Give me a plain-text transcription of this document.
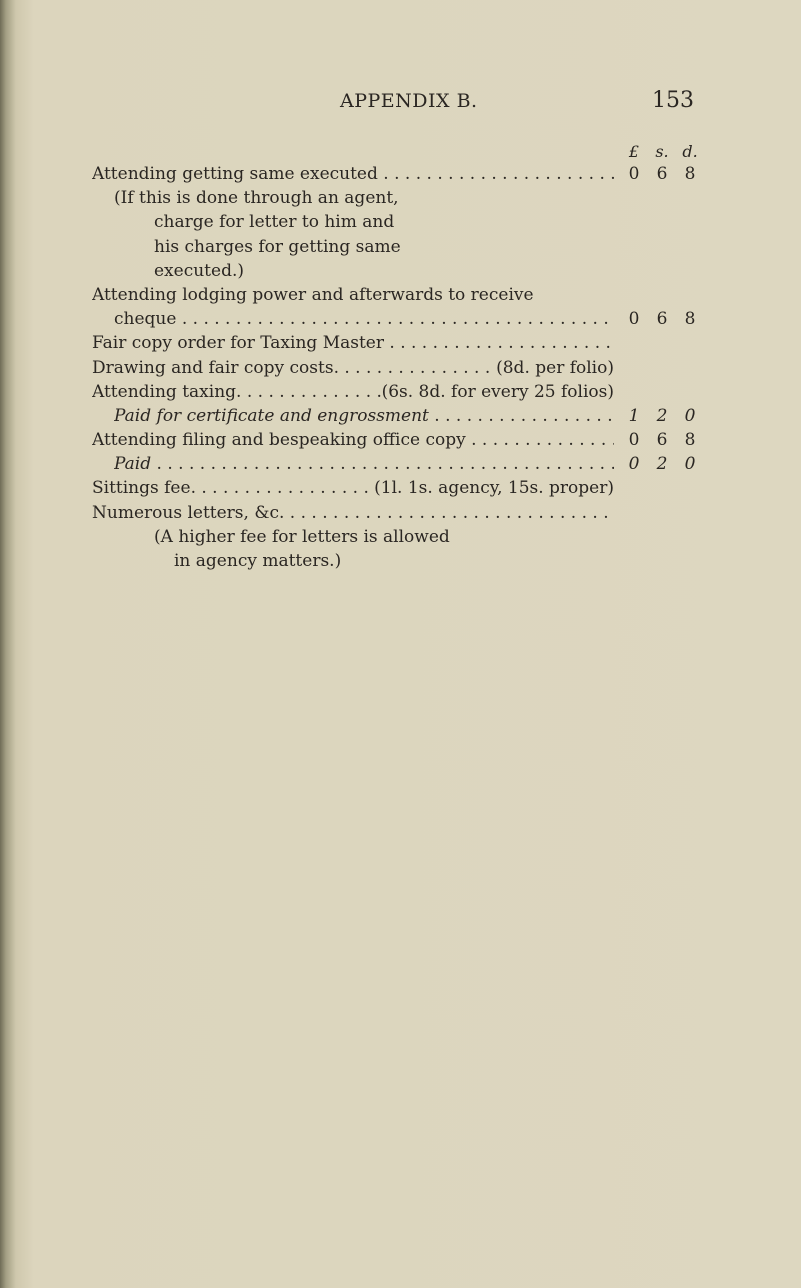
APPENDIX B.	153
£	s. d.
Attending getting same executed . . .	0	6	8
(If this is done through an agent,
charge for letter to him and
his charges for getting same
executed.)
Attending lodging power and afterwards to receive
cheque . . .	0	6	8
Fair copy order for Taxing Master . . .
Drawing and fair copy costs . . .	(8d. per folio)
Attending taxing . . .	(6s. 8d. for every 25 folios)
Paid for certificate and engrossment . . .	1	2	0
Attending filing and bespeaking office copy . . .	0	6	8
Paid . . .	0	2	0
Sittings fee . . .	(1l. 1s. agency, 15s. proper)
Numerous letters, &c. . . .
(A higher fee for letters is allowed
in agency matters.)
